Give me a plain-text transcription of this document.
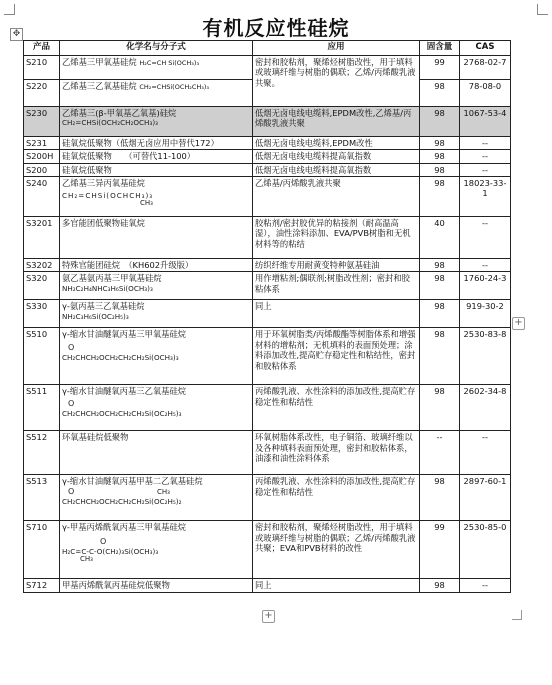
有机反应性硅烷
✥
产品	化学名与分子式	应用	固含量	CAS
S210	乙烯基三甲氧基硅烷 H₂C=CH Si(OCH₃)₃	密封和胶粘剂，聚烯烃树脂改性，用于填料或玻璃纤维与树脂的偶联；乙烯/丙烯酸乳液共聚。	99	2768-02-7
S220	乙烯基三乙氧基硅烷 CH₂=CHSi(OCH₂CH₃)₃		98	78-08-0
S230	乙烯基三(β-甲氧基乙氧基)硅烷
CH₂=CHSi(OCH₂CH₂OCH₃)₃	低烟无卤电线电缆料,EPDM改性,乙烯基/丙烯酸乳液共聚	98	1067-53-4
S231	硅氧烷低聚物（低烟无卤应用中替代172）	低烟无卤电线电缆料,EPDM改性	98	--
S200H	硅氧烷低聚物　　（可替代11-100）	低烟无卤电线电缆料提高氧指数	98	--
S200	硅氧烷低聚物	低烟无卤电线电缆料提高氧指数	98	--
S240	乙烯基三异丙氧基硅烷
CH₂=CHSi(OCHCH₃)₃
CH₃	乙烯基/丙烯酸乳液共聚	98	18023-33-1
S3201	多官能团低聚物硅氧烷	胶粘剂/密封胶优异的粘接剂（耐高温高湿），油性涂料添加、EVA/PVB树脂和无机材料等的粘结	40	--
S3202	特殊官能团硅烷　（KH602升级版）	纺织纤维专用耐黄变特种氨基硅油	98	--
S320	氨乙基氨丙基三甲氧基硅烷
NH₂C₂H₄NHC₃H₆Si(OCH₃)₃	用作增粘剂;偶联剂;树脂改性剂；密封和胶粘体系	98	1760-24-3
S330	γ-氨丙基三乙氧基硅烷
NH₂C₃H₆Si(OC₂H₅)₃	同上	98	919-30-2
S510	γ-缩水甘油醚氧丙基三甲氧基硅烷
O
CH₂CHCH₂OCH₂CH₂CH₂Si(OCH₃)₃	用于环氧树脂类/丙烯酸酯等树脂体系和增强材料的增粘剂；无机填料的表面预处理；涂料添加改性,提高贮存稳定性和粘结性，密封和胶粘体系	98	2530-83-8
S511	γ-缩水甘油醚氧丙基三乙氧基硅烷
O
CH₂CHCH₂OCH₂CH₂CH₂Si(OC₂H₅)₃	丙烯酸乳液、水性涂料的添加改性,提高贮存稳定性和粘结性	98	2602-34-8
S512	环氧基硅烷低聚物	环氧树脂体系改性，电子铜箔、玻璃纤维以及各种填料表面预处理，密封和胶粘体系，油漆和油性涂料体系	--	--
S513	γ-缩水甘油醚氧丙基甲基二乙氧基硅烷
CH₃
O
CH₂CHCH₂OCH₂CH₂CH₂Si(OC₂H₅)₂	丙烯酸乳液、水性涂料的添加改性,提高贮存稳定性和粘结性	98	2897-60-1
S710	γ-甲基丙烯酰氧丙基三甲氧基硅烷
O
H₂C=C-C-O(CH₂)₃Si(OCH₃)₃
CH₃	密封和胶粘剂，聚烯烃树脂改性，用于填料或玻璃纤维与树脂的偶联；乙烯/丙烯酸乳液共聚；EVA和PVB材料的改性	99	2530-85-0
S712	甲基丙烯酰氧丙基硅烷低聚物	同上	98	--
+
+
